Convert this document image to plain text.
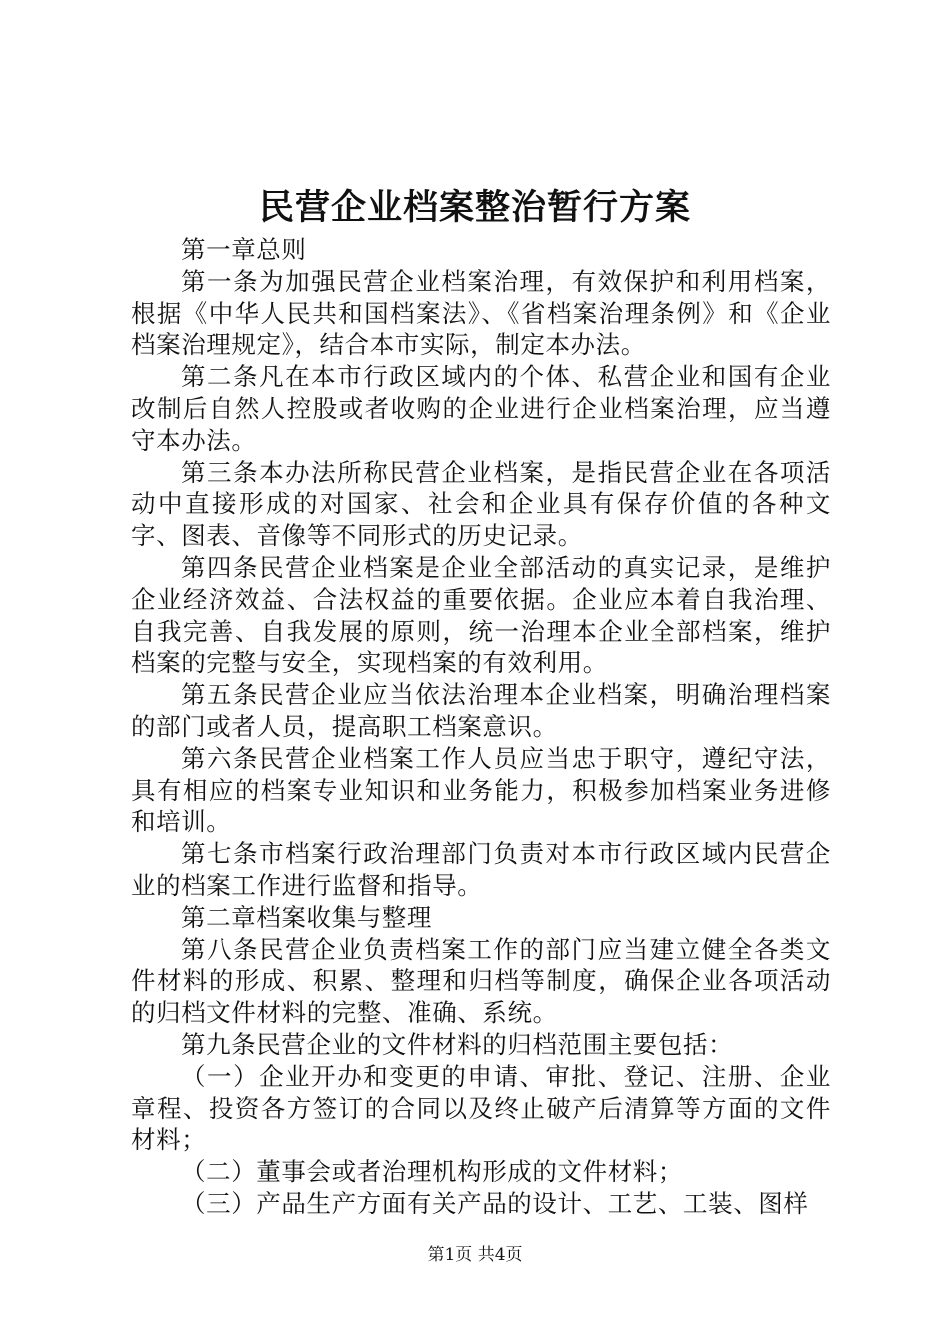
民营企业档案整治暂行方案

第一章总则

第一条为加强民营企业档案治理，有效保护和利用档案，根据《中华人民共和国档案法》、《省档案治理条例》和《企业档案治理规定》，结合本市实际，制定本办法。

第二条凡在本市行政区域内的个体、私营企业和国有企业改制后自然人控股或者收购的企业进行企业档案治理，应当遵守本办法。

第三条本办法所称民营企业档案，是指民营企业在各项活动中直接形成的对国家、社会和企业具有保存价值的各种文字、图表、音像等不同形式的历史记录。

第四条民营企业档案是企业全部活动的真实记录，是维护企业经济效益、合法权益的重要依据。企业应本着自我治理、自我完善、自我发展的原则，统一治理本企业全部档案，维护档案的完整与安全，实现档案的有效利用。

第五条民营企业应当依法治理本企业档案，明确治理档案的部门或者人员，提高职工档案意识。

第六条民营企业档案工作人员应当忠于职守，遵纪守法，具有相应的档案专业知识和业务能力，积极参加档案业务进修和培训。

第七条市档案行政治理部门负责对本市行政区域内民营企业的档案工作进行监督和指导。

第二章档案收集与整理

第八条民营企业负责档案工作的部门应当建立健全各类文件材料的形成、积累、整理和归档等制度，确保企业各项活动的归档文件材料的完整、准确、系统。

第九条民营企业的文件材料的归档范围主要包括：

（一）企业开办和变更的申请、审批、登记、注册、企业章程、投资各方签订的合同以及终止破产后清算等方面的文件材料；

（二）董事会或者治理机构形成的文件材料；

（三）产品生产方面有关产品的设计、工艺、工装、图样

第1页 共4页
